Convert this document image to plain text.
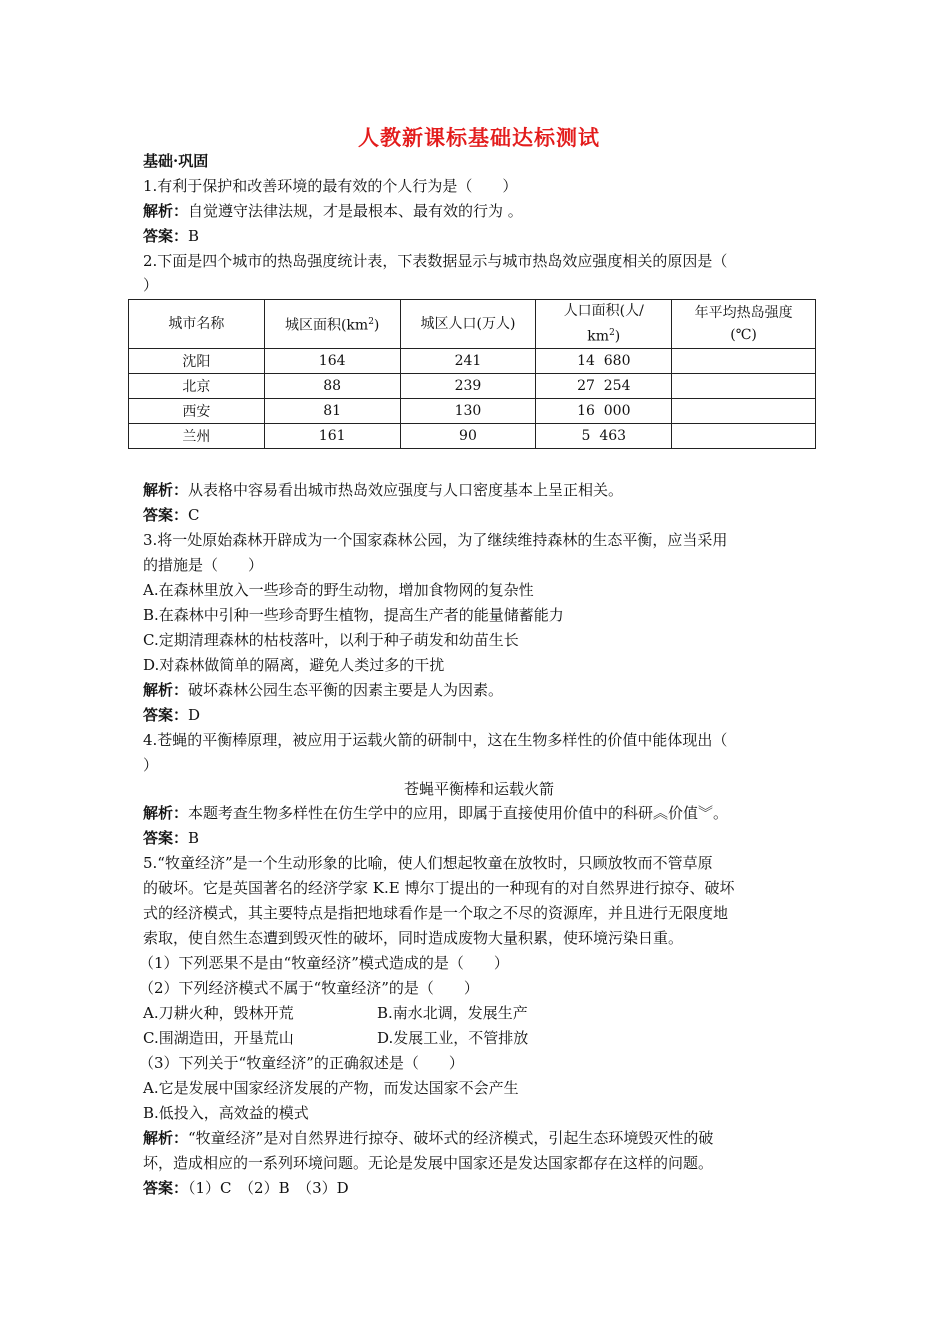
人教新课标基础达标测试
基础·巩固
1.有利于保护和改善环境的最有效的个人行为是（　　）
解析：自觉遵守法律法规，才是最根本、最有效的行为 。
答案：B
2.下面是四个城市的热岛强度统计表，下表数据显示与城市热岛效应强度相关的原因是（
）
城市名称	城区面积$(km^2)$	城区人口(万人)	人口面积(人/
$km^2$)	年平均热岛强度
(℃)
沈阳	164	241	14  680	
北京	88	239	27  254	
西安	81	130	16  000	
兰州	161	90	5  463	
解析：从表格中容易看出城市热岛效应强度与人口密度基本上呈正相关。
答案：C
3.将一处原始森林开辟成为一个国家森林公园，为了继续维持森林的生态平衡，应当采用
的措施是（　　）
A.在森林里放入一些珍奇的野生动物，增加食物网的复杂性
B.在森林中引种一些珍奇野生植物，提高生产者的能量储蓄能力
C.定期清理森林的枯枝落叶，以利于种子萌发和幼苗生长
D.对森林做简单的隔离，避免人类过多的干扰
解析：破坏森林公园生态平衡的因素主要是人为因素。
答案：D
4.苍蝇的平衡棒原理，被应用于运载火箭的研制中，这在生物多样性的价值中能体现出（
）
苍蝇平衡棒和运载火箭
解析：本题考查生物多样性在仿生学中的应用，即属于直接使用价值中的科研︽价值︾。
答案：B
5.“牧童经济”是一个生动形象的比喻，使人们想起牧童在放牧时，只顾放牧而不管草原
的破坏。它是英国著名的经济学家 K.E 博尔丁提出的一种现有的对自然界进行掠夺、破坏
式的经济模式，其主要特点是指把地球看作是一个取之不尽的资源库，并且进行无限度地
索取，使自然生态遭到毁灭性的破坏，同时造成废物大量积累，使环境污染日重。
（1）下列恶果不是由“牧童经济”模式造成的是（　　）
（2）下列经济模式不属于“牧童经济”的是（　　）
A.刀耕火种，毁林开荒	B.南水北调，发展生产
C.围湖造田，开垦荒山	D.发展工业，不管排放
（3）下列关于“牧童经济”的正确叙述是（　　）
A.它是发展中国家经济发展的产物，而发达国家不会产生
B.低投入，高效益的模式
解析：“牧童经济”是对自然界进行掠夺、破坏式的经济模式，引起生态环境毁灭性的破
坏，造成相应的一系列环境问题。无论是发展中国家还是发达国家都存在这样的问题。
答案：（1）C　（2）B　（3）D
